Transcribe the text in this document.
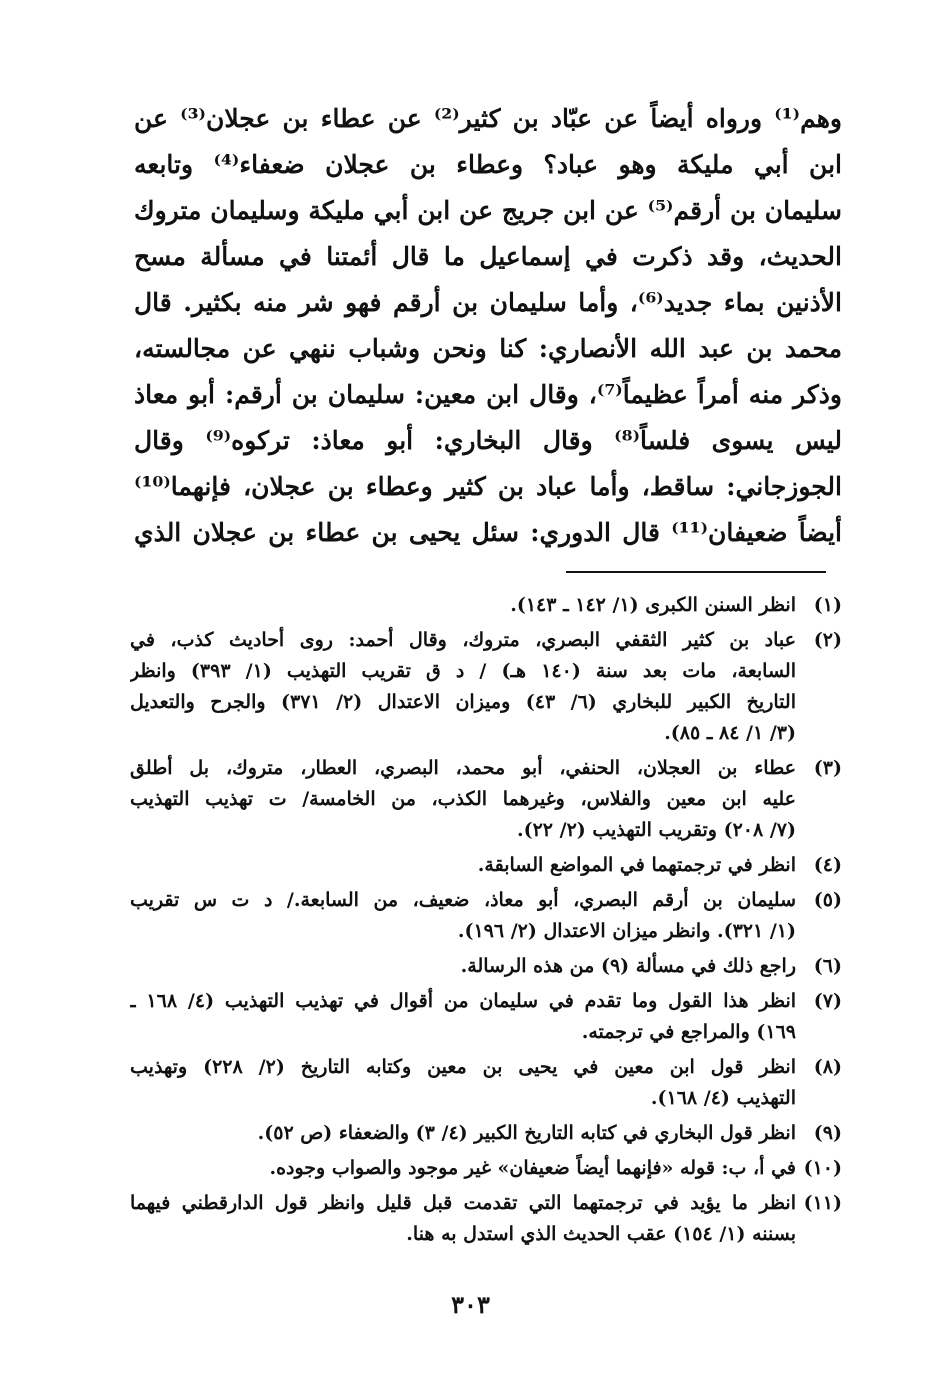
وهم⁽¹⁾ ورواه أيضاً عن عبّاد بن كثير⁽²⁾ عن عطاء بن عجلان⁽³⁾ عن
ابن أبي مليكة وهو عباد؟ وعطاء بن عجلان ضعفاء⁽⁴⁾ وتابعه
سليمان بن أرقم⁽⁵⁾ عن ابن جريج عن ابن أبي مليكة وسليمان متروك
الحديث، وقد ذكرت في إسماعيل ما قال أئمتنا في مسألة مسح
الأذنين بماء جديد⁽⁶⁾، وأما سليمان بن أرقم فهو شر منه بكثير. قال
محمد بن عبد الله الأنصاري: كنا ونحن وشباب ننهي عن مجالسته،
وذكر منه أمراً عظيماً⁽⁷⁾، وقال ابن معين: سليمان بن أرقم: أبو معاذ
ليس يسوى فلساً⁽⁸⁾ وقال البخاري: أبو معاذ: تركوه⁽⁹⁾ وقال
الجوزجاني: ساقط، وأما عباد بن كثير وعطاء بن عجلان، فإنهما⁽¹⁰⁾
أيضاً ضعيفان⁽¹¹⁾ قال الدوري: سئل يحيى بن عطاء بن عجلان الذي
(١)
انظر السنن الكبرى (١/ ١٤٢ ـ ١٤٣).
(٢)
عباد بن كثير الثقفي البصري، متروك، وقال أحمد: روى أحاديث كذب، في
السابعة، مات بعد سنة (١٤٠ هـ) / د ق تقريب التهذيب (١/ ٣٩٣) وانظر
التاريخ الكبير للبخاري (٦/ ٤٣) وميزان الاعتدال (٢/ ٣٧١) والجرح والتعديل
(٣/ ١/ ٨٤ ـ ٨٥).
(٣)
عطاء بن العجلان، الحنفي، أبو محمد، البصري، العطار، متروك، بل أطلق
عليه ابن معين والفلاس، وغيرهما الكذب، من الخامسة/ ت تهذيب التهذيب
(٧/ ٢٠٨) وتقريب التهذيب (٢/ ٢٢).
(٤)
انظر في ترجمتهما في المواضع السابقة.
(٥)
سليمان بن أرقم البصري، أبو معاذ، ضعيف، من السابعة./ د ت س تقريب
(١/ ٣٢١). وانظر ميزان الاعتدال (٢/ ١٩٦).
(٦)
راجع ذلك في مسألة (٩) من هذه الرسالة.
(٧)
انظر هذا القول وما تقدم في سليمان من أقوال في تهذيب التهذيب (٤/ ١٦٨ ـ
١٦٩) والمراجع في ترجمته.
(٨)
انظر قول ابن معين في يحيى بن معين وكتابه التاريخ (٢/ ٢٢٨) وتهذيب
التهذيب (٤/ ١٦٨).
(٩)
انظر قول البخاري في كتابه التاريخ الكبير (٤/ ٣) والضعفاء (ص ٥٢).
(١٠)
في أ، ب: قوله «فإنهما أيضاً ضعيفان» غير موجود والصواب وجوده.
(١١)
انظر ما يؤيد في ترجمتهما التي تقدمت قبل قليل وانظر قول الدارقطني فيهما
بسننه (١/ ١٥٤) عقب الحديث الذي استدل به هنا.
٣٠٣
